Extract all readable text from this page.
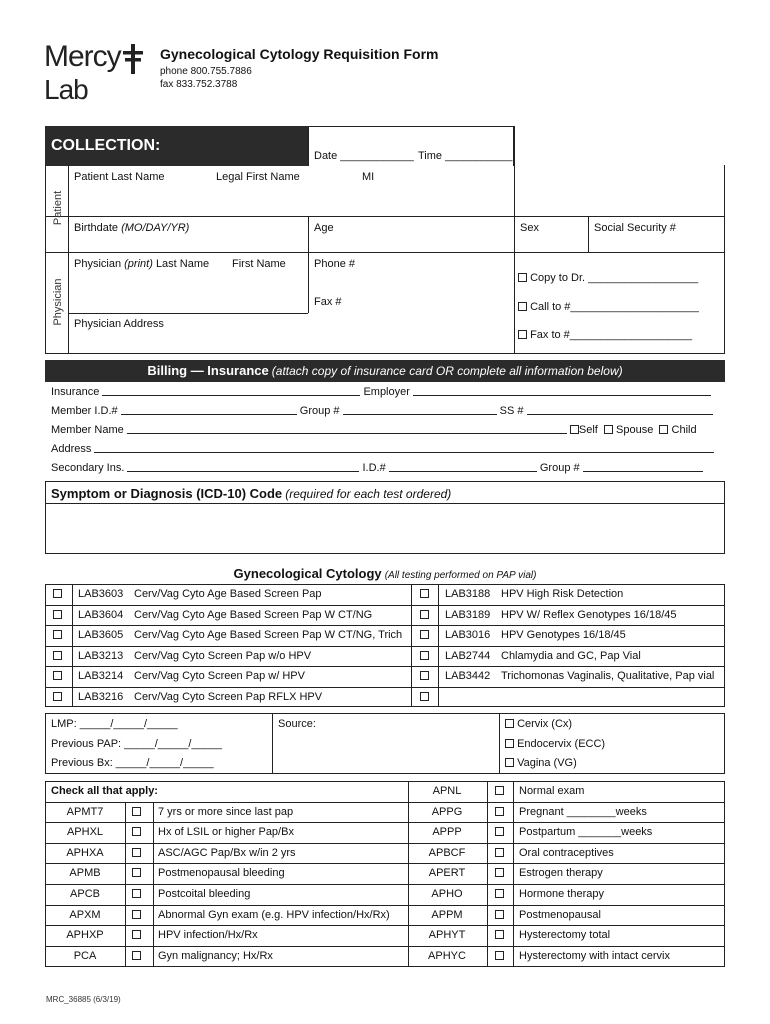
Mercy
Lab
Gynecological Cytology Requisition Form
phone 800.755.7886
fax 833.752.3788
COLLECTION:
Date ____________ Time ___________
Patient
Physician
Patient Last Name	Legal First Name	MI
Birthdate (MO/DAY/YR)	Age	Sex	Social Security #
Physician (print) Last Name First Name	Phone #
Fax #
Physician Address
Copy to Dr. __________________
Call to #_____________________
Fax to #____________________
Billing — Insurance (attach copy of insurance card OR complete all information below)
Insurance	Employer
Member I.D.#	Group #	SS #
Member Name	Self Spouse Child
Address
Secondary Ins.	I.D.#	Group #
Symptom or Diagnosis (ICD-10) Code (required for each test ordered)
Gynecological Cytology (All testing performed on PAP vial)
LAB3603 Cerv/Vag Cyto Age Based Screen Pap	LAB3188 HPV High Risk Detection
LAB3604 Cerv/Vag Cyto Age Based Screen Pap W CT/NG	LAB3189 HPV W/ Reflex Genotypes 16/18/45
LAB3605 Cerv/Vag Cyto Age Based Screen Pap W CT/NG, Trich	LAB3016 HPV Genotypes 16/18/45
LAB3213 Cerv/Vag Cyto Screen Pap w/o HPV	LAB2744 Chlamydia and GC, Pap Vial
LAB3214 Cerv/Vag Cyto Screen Pap w/ HPV	LAB3442 Trichomonas Vaginalis, Qualitative, Pap vial
LAB3216 Cerv/Vag Cyto Screen Pap RFLX HPV
LMP: _____/_____/_____
Previous PAP: _____/_____/_____
Previous Bx: _____/_____/_____
Source:	Cervix (Cx)
Endocervix (ECC)
Vagina (VG)
Check all that apply:	APNL	Normal exam
APMT7	7 yrs or more since last pap	APPG	Pregnant ________weeks
APHXL	Hx of LSIL or higher Pap/Bx	APPP	Postpartum _______weeks
APHXA	ASC/AGC Pap/Bx w/in 2 yrs	APBCF	Oral contraceptives
APMB	Postmenopausal bleeding	APERT	Estrogen therapy
APCB	Postcoital bleeding	APHO	Hormone therapy
APXM	Abnormal Gyn exam (e.g. HPV infection/Hx/Rx)	APPM	Postmenopausal
APHXP	HPV infection/Hx/Rx	APHYT	Hysterectomy total
PCA	Gyn malignancy; Hx/Rx	APHYC	Hysterectomy with intact cervix
MRC_36885 (6/3/19)
